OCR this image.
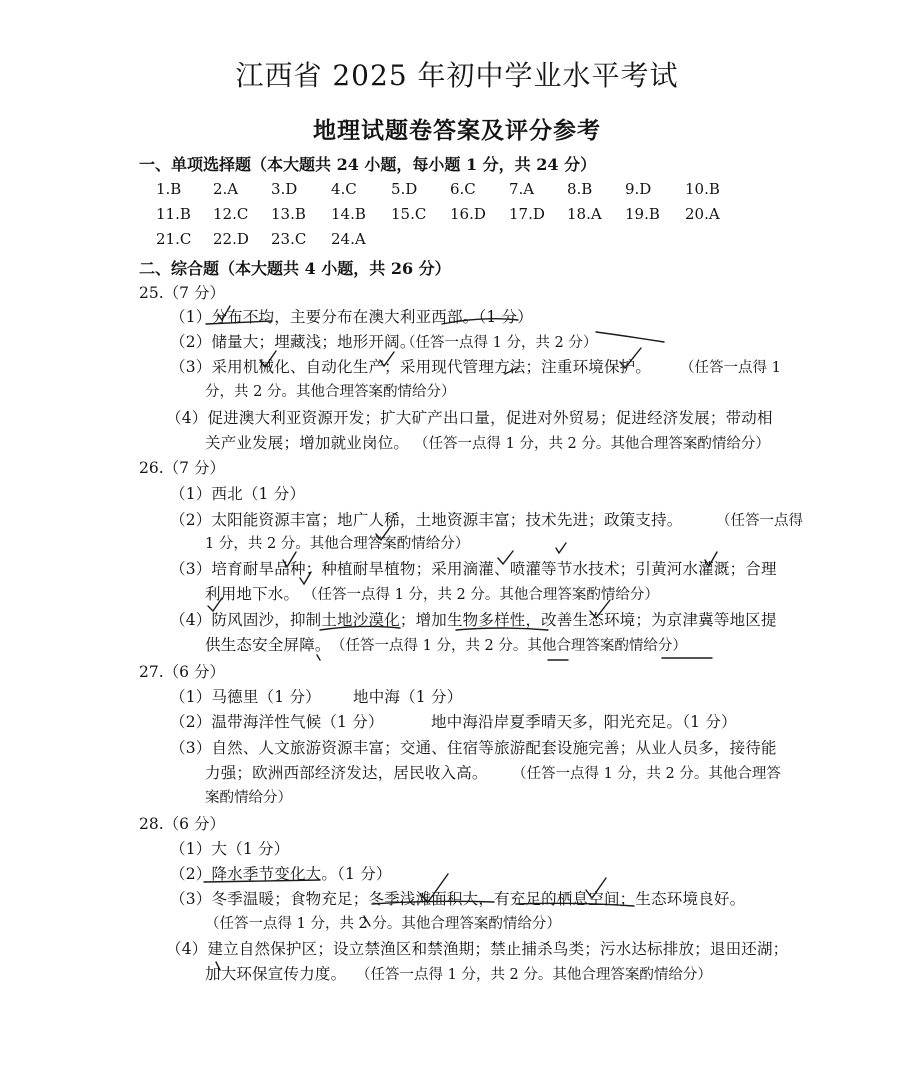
江西省 2025 年初中学业水平考试
地理试题卷答案及评分参考
一、单项选择题（本大题共 24 小题，每小题 1 分，共 24 分）
1.B 2.A 3.D 4.C 5.D 6.C 7.A 8.B 9.D 10.B
11.B 12.C 13.B 14.B 15.C 16.D 17.D 18.A 19.B 20.A
21.C 22.D 23.C 24.A
二、综合题（本大题共 4 小题，共 26 分）
25.（7 分）
（1）分布不均，主要分布在澳大利亚西部。（1 分）
（2）储量大；埋藏浅；地形开阔。
（任答一点得 1 分，共 2 分）
（3）采用机械化、自动化生产；采用现代管理方法；注重环境保护。 （任答一点得 1
分，共 2 分。其他合理答案酌情给分）
（4）促进澳大利亚资源开发；扩大矿产出口量，促进对外贸易；促进经济发展；带动相
关产业发展；增加就业岗位。 （任答一点得 1 分，共 2 分。其他合理答案酌情给分）
26.（7 分）
（1）西北（1 分）
（2）太阳能资源丰富；地广人稀，土地资源丰富；技术先进；政策支持。 （任答一点得
1 分，共 2 分。其他合理答案酌情给分）
（3）培育耐旱品种；种植耐旱植物；采用滴灌、喷灌等节水技术；引黄河水灌溉；合理
利用地下水。 （任答一点得 1 分，共 2 分。其他合理答案酌情给分）
（4）防风固沙，抑制土地沙漠化；增加生物多样性，改善生态环境；为京津冀等地区提
供生态安全屏障。 （任答一点得 1 分，共 2 分。其他合理答案酌情给分）
27.（6 分）
（1）马德里（1 分） 地中海（1 分）
（2）温带海洋性气候（1 分）	地中海沿岸夏季晴天多，阳光充足。（1 分）
（3）自然、人文旅游资源丰富；交通、住宿等旅游配套设施完善；从业人员多，接待能
力强；欧洲西部经济发达，居民收入高。 （任答一点得 1 分，共 2 分。其他合理答
案酌情给分）
28.（6 分）
（1）大（1 分）
（2）降水季节变化大。（1 分）
（3）冬季温暖；食物充足；冬季浅滩面积大，有充足的栖息空间；生态环境良好。
（任答一点得 1 分，共 2 分。其他合理答案酌情给分）
（4）建立自然保护区；设立禁渔区和禁渔期；禁止捕杀鸟类；污水达标排放；退田还湖；
加大环保宣传力度。 （任答一点得 1 分，共 2 分。其他合理答案酌情给分）
